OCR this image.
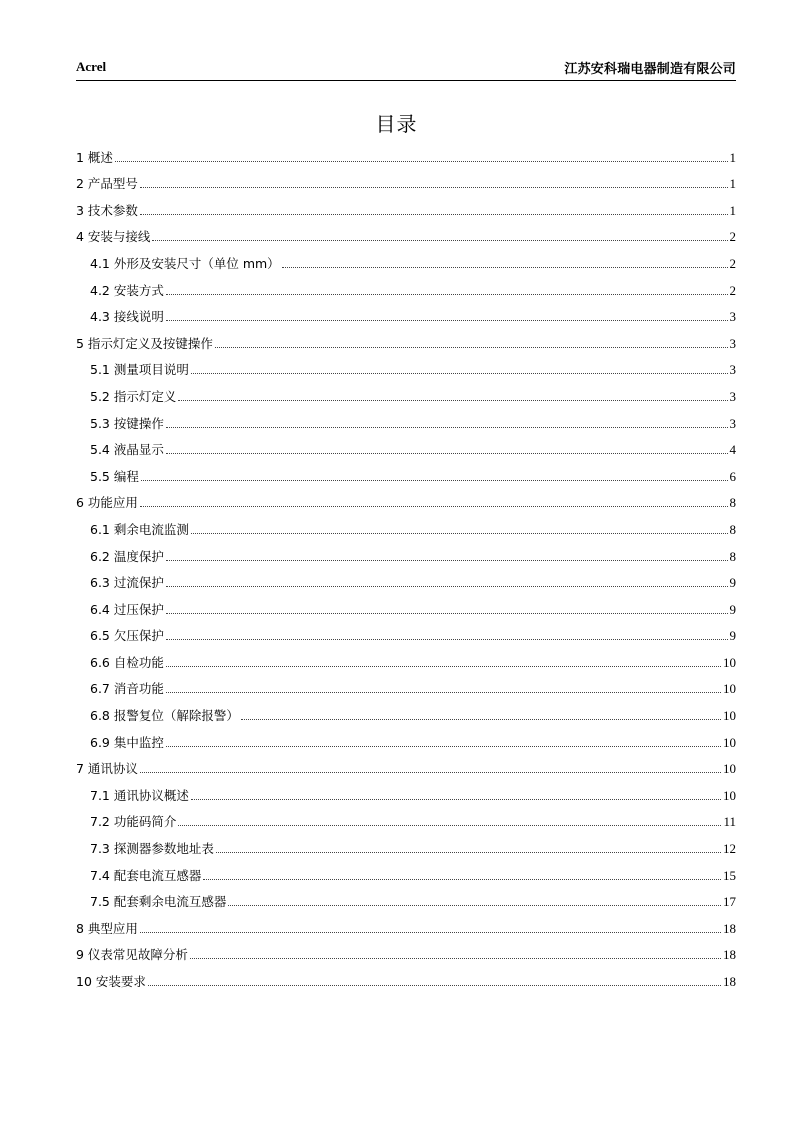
Acrel	江苏安科瑞电器制造有限公司
目录
1 概述	1
2 产品型号	1
3 技术参数	1
4 安装与接线	2
4.1 外形及安装尺寸（单位 mm）	2
4.2 安装方式	2
4.3 接线说明	3
5 指示灯定义及按键操作	3
5.1 测量项目说明	3
5.2 指示灯定义	3
5.3 按键操作	3
5.4 液晶显示	4
5.5 编程	6
6 功能应用	8
6.1 剩余电流监测	8
6.2 温度保护	8
6.3 过流保护	9
6.4 过压保护	9
6.5 欠压保护	9
6.6 自检功能	10
6.7 消音功能	10
6.8 报警复位（解除报警）	10
6.9 集中监控	10
7 通讯协议	10
7.1 通讯协议概述	10
7.2 功能码简介	11
7.3 探测器参数地址表	12
7.4 配套电流互感器	15
7.5 配套剩余电流互感器	17
8 典型应用	18
9 仪表常见故障分析	18
10 安装要求	18
